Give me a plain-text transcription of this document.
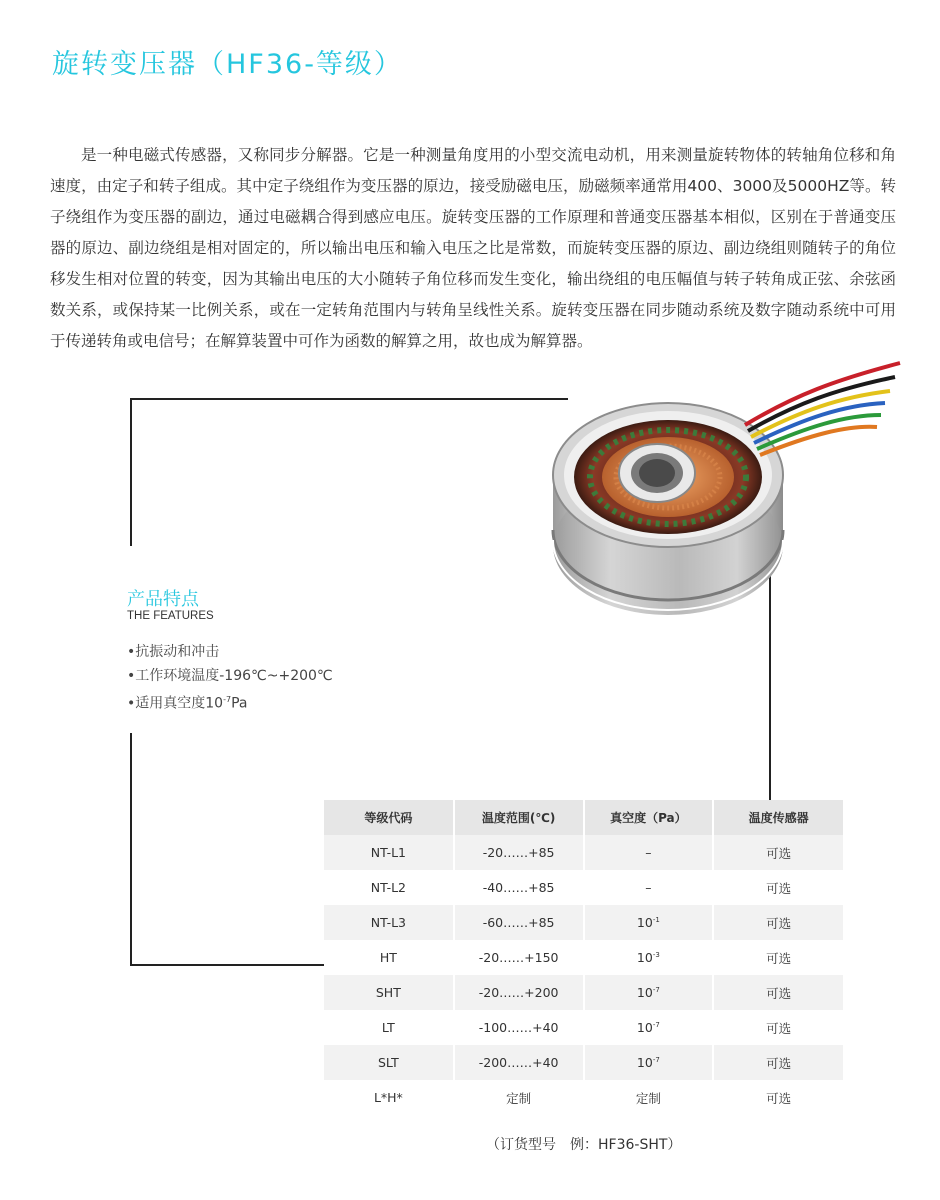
旋转变压器（HF36-等级）

是一种电磁式传感器，又称同步分解器。它是一种测量角度用的小型交流电动机，用来测量旋转物体的转轴角位移和角速度，由定子和转子组成。其中定子绕组作为变压器的原边，接受励磁电压，励磁频率通常用400、3000及5000HZ等。转子绕组作为变压器的副边，通过电磁耦合得到感应电压。旋转变压器的工作原理和普通变压器基本相似，区别在于普通变压器的原边、副边绕组是相对固定的，所以输出电压和输入电压之比是常数，而旋转变压器的原边、副边绕组则随转子的角位移发生相对位置的转变，因为其输出电压的大小随转子角位移而发生变化，输出绕组的电压幅值与转子转角成正弦、余弦函数关系，或保持某一比例关系，或在一定转角范围内与转角呈线性关系。旋转变压器在同步随动系统及数字随动系统中可用于传递转角或电信号；在解算装置中可作为函数的解算之用，故也成为解算器。

产品特点
THE FEATURES
•抗振动和冲击
•工作环境温度-196℃~+200℃
•适用真空度$10^{-7}Pa$
等级代码	温度范围(℃)	真空度（Pa）	温度传感器
NT-L1	-20……+85	–	可选
NT-L2	-40……+85	–	可选
NT-L3	-60……+85	$10^{-1}$	可选
HT	-20……+150	$10^{-3}$	可选
SHT	-20……+200	$10^{-7}$	可选
LT	-100……+40	$10^{-7}$	可选
SLT	-200……+40	$10^{-7}$	可选
L*H*	定制	定制	可选
（订货型号　例：HF36-SHT）
